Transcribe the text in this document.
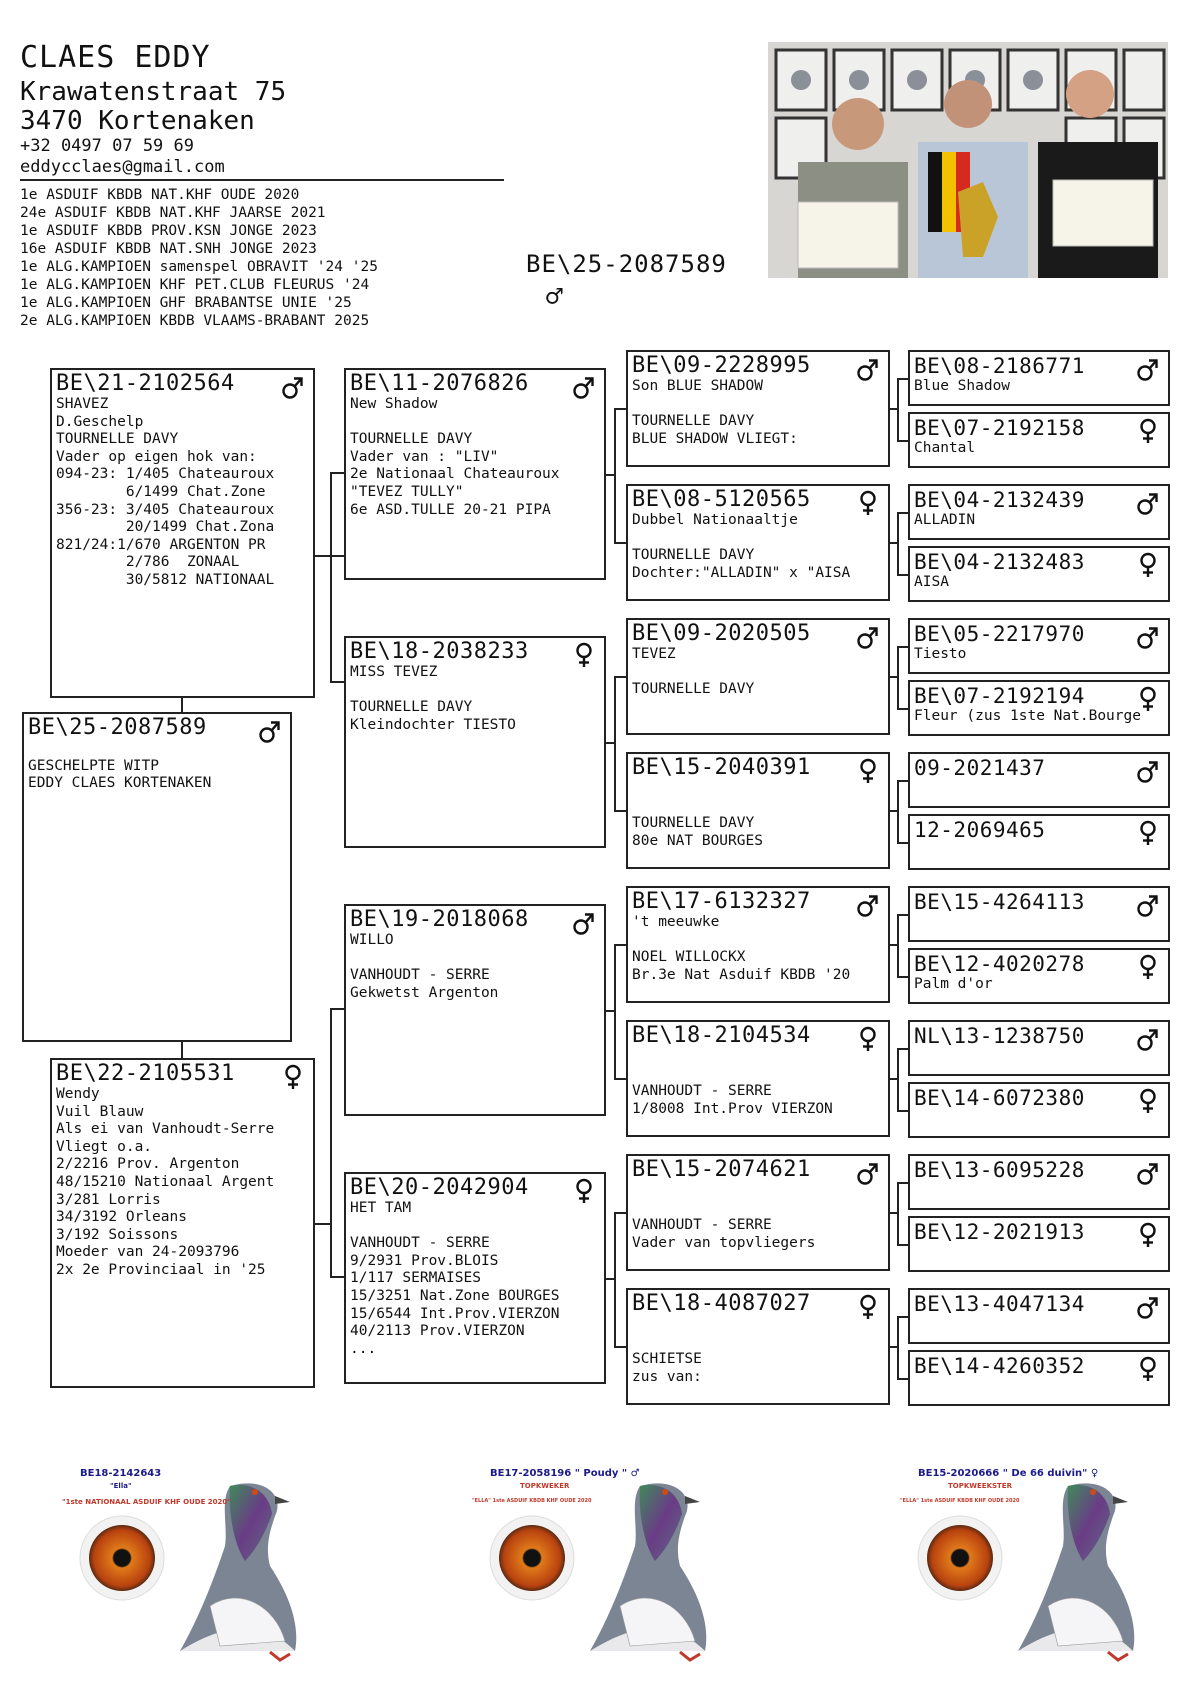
CLAES EDDY
Krawatenstraat 75
3470 Kortenaken
+32 0497 07 59 69
eddycclaes@gmail.com
1e ASDUIF KBDB NAT.KHF OUDE 2020
24e ASDUIF KBDB NAT.KHF JAARSE 2021
1e ASDUIF KBDB PROV.KSN JONGE 2023
16e ASDUIF KBDB NAT.SNH JONGE 2023
1e ALG.KAMPIOEN samenspel OBRAVIT '24 '25
1e ALG.KAMPIOEN KHF PET.CLUB FLEURUS '24
1e ALG.KAMPIOEN GHF BRABANTSE UNIE '25
2e ALG.KAMPIOEN KBDB VLAAMS-BRABANT 2025
BE\25-2087589
♂
BE\21-2102564
SHAVEZ
D.Geschelp
TOURNELLE DAVY
Vader op eigen hok van:
094-23: 1/405 Chateauroux
6/1499 Chat.Zone
356-23: 3/405 Chateauroux
20/1499 Chat.Zona
821/24:1/670 ARGENTON PR
2/786  ZONAAL
30/5812 NATIONAAL
BE\25-2087589

GESCHELPTE WITP
EDDY CLAES KORTENAKEN
BE\22-2105531
Wendy
Vuil Blauw
Als ei van Vanhoudt-Serre
Vliegt o.a.
2/2216 Prov. Argenton
48/15210 Nationaal Argent
3/281 Lorris
34/3192 Orleans
3/192 Soissons
Moeder van 24-2093796
2x 2e Provinciaal in '25
BE\11-2076826
New Shadow

TOURNELLE DAVY
Vader van : "LIV"
2e Nationaal Chateauroux
"TEVEZ TULLY"
6e ASD.TULLE 20-21 PIPA
BE\18-2038233
MISS TEVEZ

TOURNELLE DAVY
Kleindochter TIESTO
BE\19-2018068
WILLO

VANHOUDT - SERRE
Gekwetst Argenton
BE\20-2042904
HET TAM

VANHOUDT - SERRE
9/2931 Prov.BLOIS
1/117 SERMAISES
15/3251 Nat.Zone BOURGES
15/6544 Int.Prov.VIERZON
40/2113 Prov.VIERZON
...
BE\09-2228995
Son BLUE SHADOW

TOURNELLE DAVY
BLUE SHADOW VLIEGT:
BE\08-5120565
Dubbel Nationaaltje

TOURNELLE DAVY
Dochter:"ALLADIN" x "AISA
BE\09-2020505
TEVEZ

TOURNELLE DAVY
BE\15-2040391

TOURNELLE DAVY
80e NAT BOURGES
BE\17-6132327
't meeuwke

NOEL WILLOCKX
Br.3e Nat Asduif KBDB '20
BE\18-2104534

VANHOUDT - SERRE
1/8008 Int.Prov VIERZON
BE\15-2074621

VANHOUDT - SERRE
Vader van topvliegers
BE\18-4087027

SCHIETSE
zus van:
BE\08-2186771
Blue Shadow
BE\07-2192158
Chantal
BE\04-2132439
ALLADIN
BE\04-2132483
AISA
BE\05-2217970
Tiesto
BE\07-2192194
Fleur (zus 1ste Nat.Bourge
09-2021437
12-2069465
BE\15-4264113
BE\12-4020278
Palm d'or
NL\13-1238750
BE\14-6072380
BE\13-6095228
BE\12-2021913
BE\13-4047134
BE\14-4260352
BE18-2142643
"Ella"
"1ste NATIONAAL ASDUIF KHF OUDE 2020"
BE17-2058196 " Poudy " ♂
TOPKWEKER
"ELLA" 1ste ASDUIF KBDB KHF OUDE 2020
BE15-2020666 " De 66 duivin" ♀
TOPKWEEKSTER
"ELLA" 1ste ASDUIF KBDB KHF OUDE 2020
